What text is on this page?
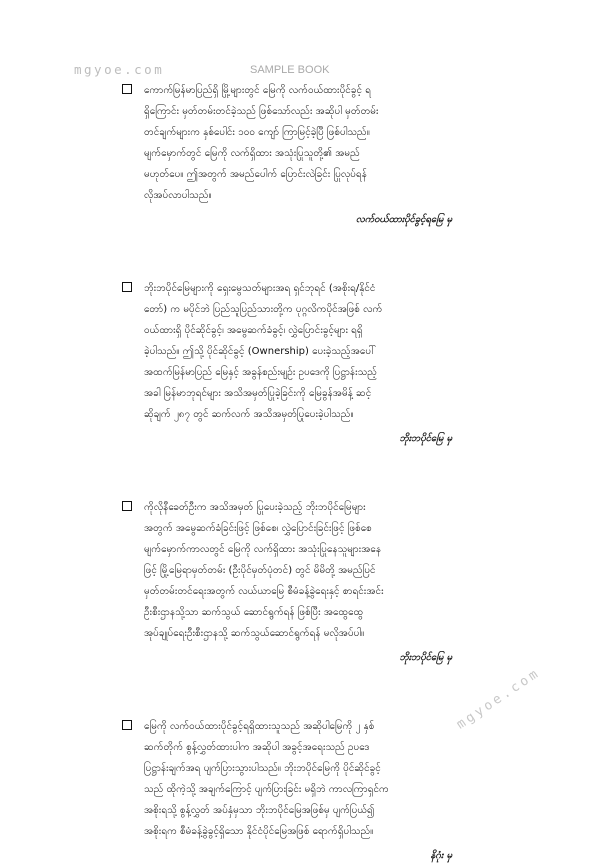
mgyoe.com	SAMPLE BOOK
ကောက်မြန်မာပြည်ရှိ မြို့များတွင် မြေကို လက်ဝယ်ထားပိုင်ခွင့် ရ
ရှိကြောင်း မှတ်တမ်းတင်ခဲ့သည် ဖြစ်သော်လည်း အဆိုပါ မှတ်တမ်း
တင်ချက်များက နှစ်ပေါင်း ၁၀၀ ကျော် ကြာမြင့်ခဲ့ပြီ ဖြစ်ပါသည်။
မျက်မှောက်တွင် မြေကို လက်ရှိထား အသုံးပြုသူတို့၏ အမည်
မဟုတ်ပေ။ ဤအတွက် အမည်ပေါက် ပြောင်းလဲခြင်း ပြုလုပ်ရန်
လိုအပ်လာပါသည်။
လက်ဝယ်ထားပိုင်ခွင့်ရမြေ မှ
ဘိုးဘပိုင်မြေများကို ရှေးမွေသတ်များအရ ရှင်ဘုရင် (အစိုးရ/နိုင်ငံ
တော်) က မပိုင်ဘဲ ပြည်သူပြည်သားတို့က ပုဂ္ဂလိကပိုင်အဖြစ် လက်
ဝယ်ထားရှိ ပိုင်ဆိုင်ခွင့်၊ အမွေဆက်ခံခွင့်၊ လွှဲပြောင်းခွင့်များ ရရှိ
ခဲ့ပါသည်။ ဤသို့ ပိုင်ဆိုင်ခွင့် (Ownership) ပေးခဲ့သည့်အပေါ်
အထက်မြန်မာပြည် မြေနှင့် အခွန်စည်းမျဉ်း ဥပဒေကို ပြဋ္ဌာန်းသည့်
အခါ မြန်မာဘုရင်များ အသိအမှတ်ပြုခဲ့ခြင်းကို မြေခွန်အမိန့် ဆင့်
ဆိုချက် ၂၈၇ တွင် ဆက်လက် အသိအမှတ်ပြုပေးခဲ့ပါသည်။
ဘိုးဘပိုင်မြေ မှ
ကိုလိုနီခေတ်ဦးက အသိအမှတ် ပြုပေးခဲ့သည့် ဘိုးဘပိုင်မြေများ
အတွက် အမွေဆက်ခံခြင်းဖြင့် ဖြစ်စေ၊ လွှဲပြောင်းခြင်းဖြင့် ဖြစ်စေ
မျက်မှောက်ကာလတွင် မြေကို လက်ရှိထား အသုံးပြုနေသူများအနေ
ဖြင့် မြို့မြေရာမှတ်တမ်း (ဦးပိုင်မှတ်ပုံတင်) တွင် မိမိတို့ အမည်ပြင်
မှတ်တမ်းတင်ရေးအတွက် လယ်ယာမြေ စီမံခန့်ခွဲရေးနှင့် စာရင်းအင်း
ဦးစီးဌာနသို့သာ ဆက်သွယ် ဆောင်ရွက်ရန် ဖြစ်ပြီး အထွေထွေ
အုပ်ချုပ်ရေးဦးစီးဌာနသို့ ဆက်သွယ်ဆောင်ရွက်ရန် မလိုအပ်ပါ။
ဘိုးဘပိုင်မြေ မှ
မြေကို လက်ဝယ်ထားပိုင်ခွင့်ရရှိထားသူသည် အဆိုပါမြေကို ၂ နှစ်
ဆက်တိုက် စွန့်လွှတ်ထားပါက အဆိုပါ အခွင့်အရေးသည် ဥပဒေ
ပြဋ္ဌာန်းချက်အရ ပျက်ပြားသွားပါသည်။ ဘိုးဘပိုင်မြေကို ပိုင်ဆိုင်ခွင့်
သည် ထိုကဲ့သို့ အချက်ကြောင့် ပျက်ပြားခြင်း မရှိဘဲ ကာလကြာရှင်က
အစိုးရသို့ စွန့်လွှတ် အပ်နှံမှသာ ဘိုးဘပိုင်မြေအဖြစ်မှ ပျက်ပြယ်၍
အစိုးရက စီမံခန့်ခွဲခွင့်ရှိသော နိုင်ငံပိုင်မြေအဖြစ် ရောက်ရှိပါသည်။
နိဂုံး မှ
mgyoe.com
